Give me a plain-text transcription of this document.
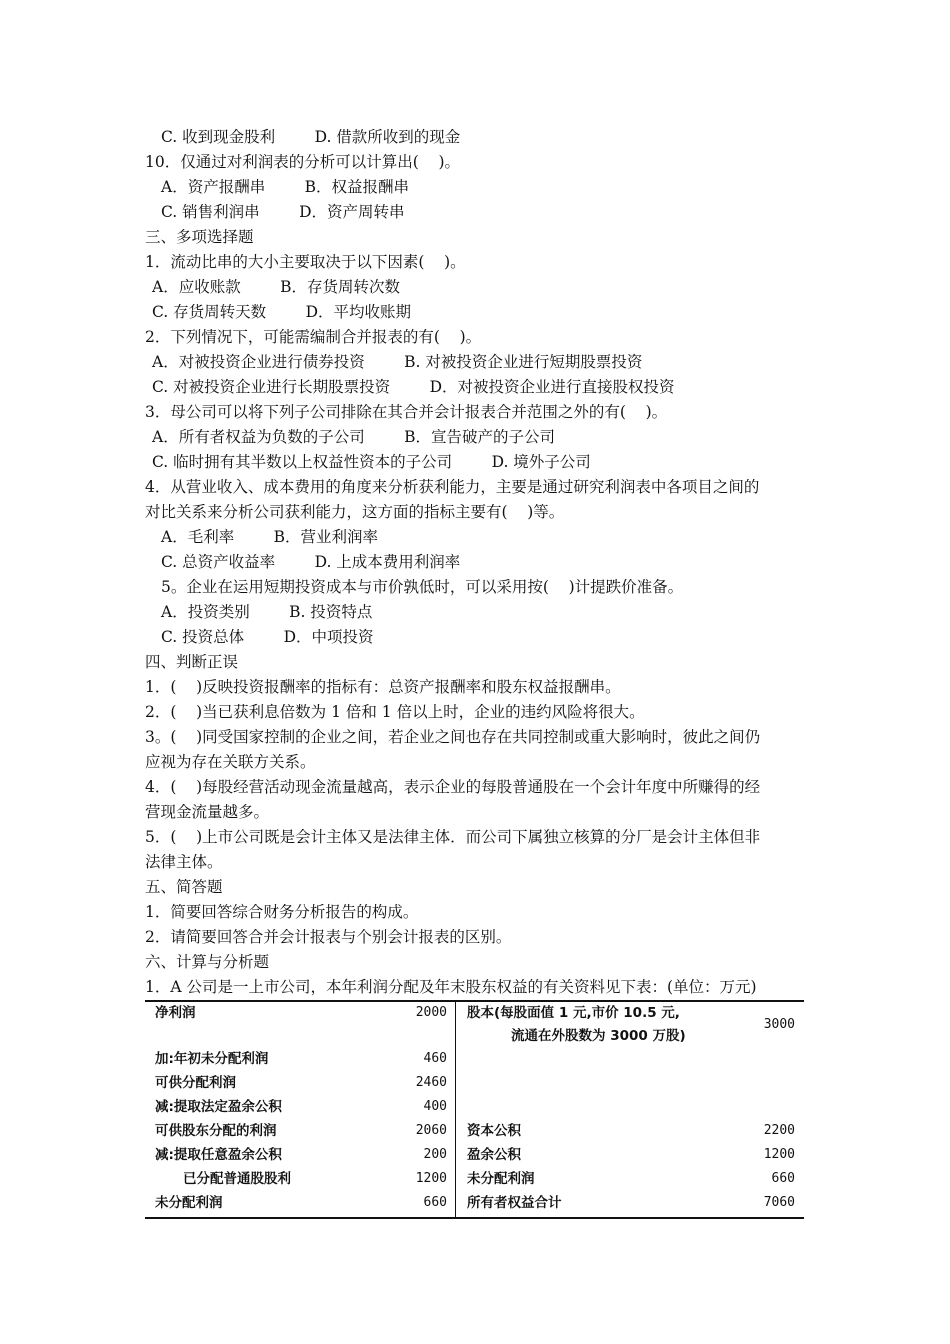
C. 收到现金股利        D. 借款所收到的现金
10．仅通过对利润表的分析可以计算出(    )。
A．资产报酬串        B．权益报酬串
C. 销售利润串        D．资产周转串
三、多项选择题
1．流动比串的大小主要取决于以下因素(    )。
A．应收账款        B．存货周转次数
C. 存货周转天数        D．平均收账期
2．下列情况下，可能需编制合并报表的有(    )。
A．对被投资企业进行债券投资        B. 对被投资企业进行短期股票投资
C. 对被投资企业进行长期股票投资        D．对被投资企业进行直接股权投资
3．母公司可以将下列子公司排除在其合并会计报表合并范围之外的有(    )。
A．所有者权益为负数的子公司        B．宣告破产的子公司
C. 临时拥有其半数以上权益性资本的子公司        D. 境外子公司
4．从营业收入、成本费用的角度来分析获利能力，主要是通过研究利润表中各项目之间的
对比关系来分析公司获利能力，这方面的指标主要有(    )等。
A．毛利率        B．营业利润率
C. 总资产收益率        D. 上成本费用利润率
5。企业在运用短期投资成本与市价孰低时，可以采用按(    )计提跌价准备。
A．投资类别        B. 投资特点
C. 投资总体        D．中项投资
四、判断正误
1．(    )反映投资报酬率的指标有：总资产报酬率和股东权益报酬串。
2．(    )当已获利息倍数为 1 倍和 1 倍以上时，企业的违约风险将很大。
3。(    )同受国家控制的企业之间，若企业之间也存在共同控制或重大影响时，彼此之间仍
应视为存在关联方关系。
4．(    )每股经营活动现金流量越高，表示企业的每股普通股在一个会计年度中所赚得的经
营现金流量越多。
5．(    )上市公司既是会计主体又是法律主体．而公司下属独立核算的分厂是会计主体但非
法律主体。
五、简答题
1．简要回答综合财务分析报告的构成。
2．请简要回答合并会计报表与个别会计报表的区别。
六、计算与分析题
1．A 公司是一上市公司，本年利润分配及年末股东权益的有关资料见下表：(单位：万元)
净利润	2000
加:年初未分配利润	460
可供分配利润	2460
减:提取法定盈余公积	400
可供股东分配的利润	2060
减:提取任意盈余公积	200
已分配普通股股利	1200
未分配利润	660
股本(每股面值 1 元,市价 10.5 元,
流通在外股数为 3000 万股)
3000
资本公积	2200
盈余公积	1200
未分配利润	660
所有者权益合计	7060
